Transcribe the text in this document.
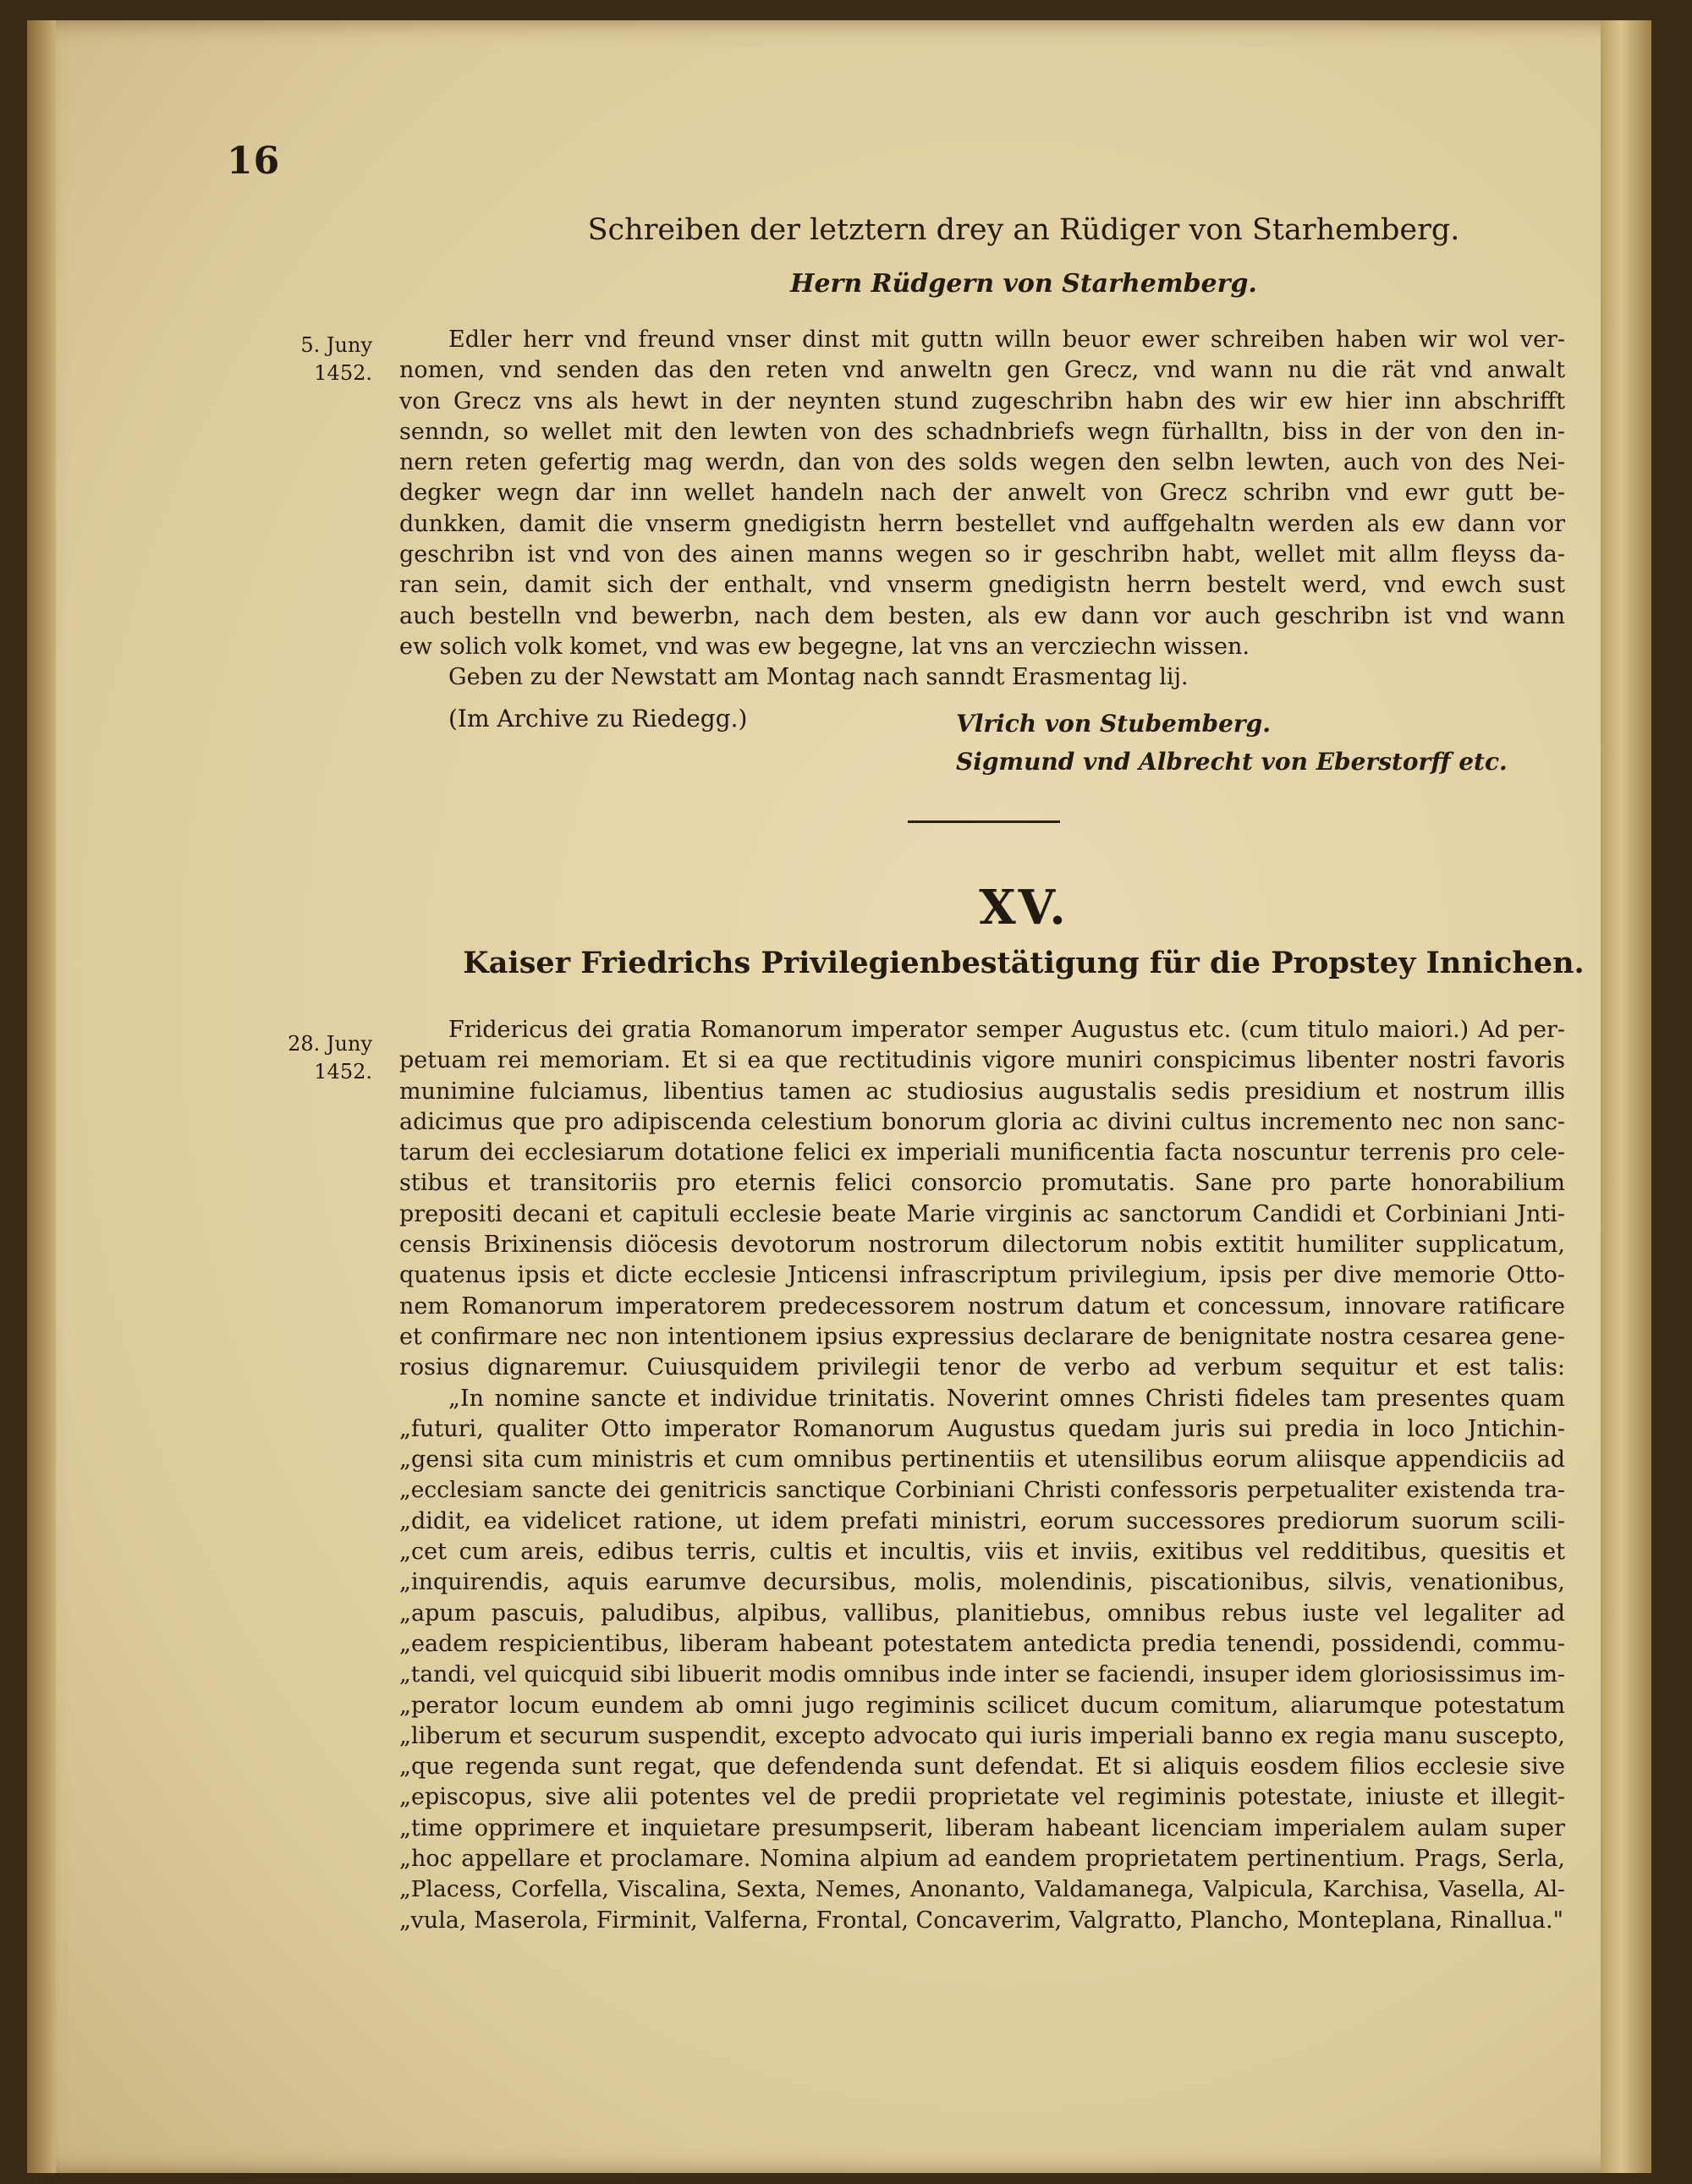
16
Schreiben der letztern drey an Rüdiger von Starhemberg.
Hern Rüdgern von Starhemberg.
5. Juny
1452.
Edler herr vnd freund vnser dinst mit guttn willn beuor ewer schreiben haben wir wol ver-
nomen, vnd senden das den reten vnd anweltn gen Grecz, vnd wann nu die rät vnd anwalt
von Grecz vns als hewt in der neynten stund zugeschribn habn des wir ew hier inn abschrifft
senndn, so wellet mit den lewten von des schadnbriefs wegn fürhalltn, biss in der von den in-
nern reten gefertig mag werdn, dan von des solds wegen den selbn lewten, auch von des Nei-
degker wegn dar inn wellet handeln nach der anwelt von Grecz schribn vnd ewr gutt be-
dunkken, damit die vnserm gnedigistn herrn bestellet vnd auffgehaltn werden als ew dann vor
geschribn ist vnd von des ainen manns wegen so ir geschribn habt, wellet mit allm fleyss da-
ran sein, damit sich der enthalt, vnd vnserm gnedigistn herrn bestelt werd, vnd ewch sust
auch bestelln vnd bewerbn, nach dem besten, als ew dann vor auch geschribn ist vnd wann
ew solich volk komet, vnd was ew begegne, lat vns an vercziechn wissen.
Geben zu der Newstatt am Montag nach sanndt Erasmentag lij.
(Im Archive zu Riedegg.)	Vlrich von Stubemberg.
Sigmund vnd Albrecht von Eberstorff etc.
XV.
Kaiser Friedrichs Privilegienbestätigung für die Propstey Innichen.
28. Juny
1452.
Fridericus dei gratia Romanorum imperator semper Augustus etc. (cum titulo maiori.) Ad per-
petuam rei memoriam. Et si ea que rectitudinis vigore muniri conspicimus libenter nostri favoris
munimine fulciamus, libentius tamen ac studiosius augustalis sedis presidium et nostrum illis
adicimus que pro adipiscenda celestium bonorum gloria ac divini cultus incremento nec non sanc-
tarum dei ecclesiarum dotatione felici ex imperiali munificentia facta noscuntur terrenis pro cele-
stibus et transitoriis pro eternis felici consorcio promutatis. Sane pro parte honorabilium
prepositi decani et capituli ecclesie beate Marie virginis ac sanctorum Candidi et Corbiniani Jnti-
censis Brixinensis diöcesis devotorum nostrorum dilectorum nobis extitit humiliter supplicatum,
quatenus ipsis et dicte ecclesie Jnticensi infrascriptum privilegium, ipsis per dive memorie Otto-
nem Romanorum imperatorem predecessorem nostrum datum et concessum, innovare ratificare
et confirmare nec non intentionem ipsius expressius declarare de benignitate nostra cesarea gene-
rosius dignaremur. Cuiusquidem privilegii tenor de verbo ad verbum sequitur et est talis:
„In nomine sancte et individue trinitatis. Noverint omnes Christi fideles tam presentes quam
„futuri, qualiter Otto imperator Romanorum Augustus quedam juris sui predia in loco Jntichin-
„gensi sita cum ministris et cum omnibus pertinentiis et utensilibus eorum aliisque appendiciis ad
„ecclesiam sancte dei genitricis sanctique Corbiniani Christi confessoris perpetualiter existenda tra-
„didit, ea videlicet ratione, ut idem prefati ministri, eorum successores prediorum suorum scili-
„cet cum areis, edibus terris, cultis et incultis, viis et inviis, exitibus vel redditibus, quesitis et
„inquirendis, aquis earumve decursibus, molis, molendinis, piscationibus, silvis, venationibus,
„apum pascuis, paludibus, alpibus, vallibus, planitiebus, omnibus rebus iuste vel legaliter ad
„eadem respicientibus, liberam habeant potestatem antedicta predia tenendi, possidendi, commu-
„tandi, vel quicquid sibi libuerit modis omnibus inde inter se faciendi, insuper idem gloriosissimus im-
„perator locum eundem ab omni jugo regiminis scilicet ducum comitum, aliarumque potestatum
„liberum et securum suspendit, excepto advocato qui iuris imperiali banno ex regia manu suscepto,
„que regenda sunt regat, que defendenda sunt defendat. Et si aliquis eosdem filios ecclesie sive
„episcopus, sive alii potentes vel de predii proprietate vel regiminis potestate, iniuste et illegit-
„time opprimere et inquietare presumpserit, liberam habeant licenciam imperialem aulam super
„hoc appellare et proclamare. Nomina alpium ad eandem proprietatem pertinentium. Prags, Serla,
„Placess, Corfella, Viscalina, Sexta, Nemes, Anonanto, Valdamanega, Valpicula, Karchisa, Vasella, Al-
„vula, Maserola, Firminit, Valferna, Frontal, Concaverim, Valgratto, Plancho, Monteplana, Rinallua."
